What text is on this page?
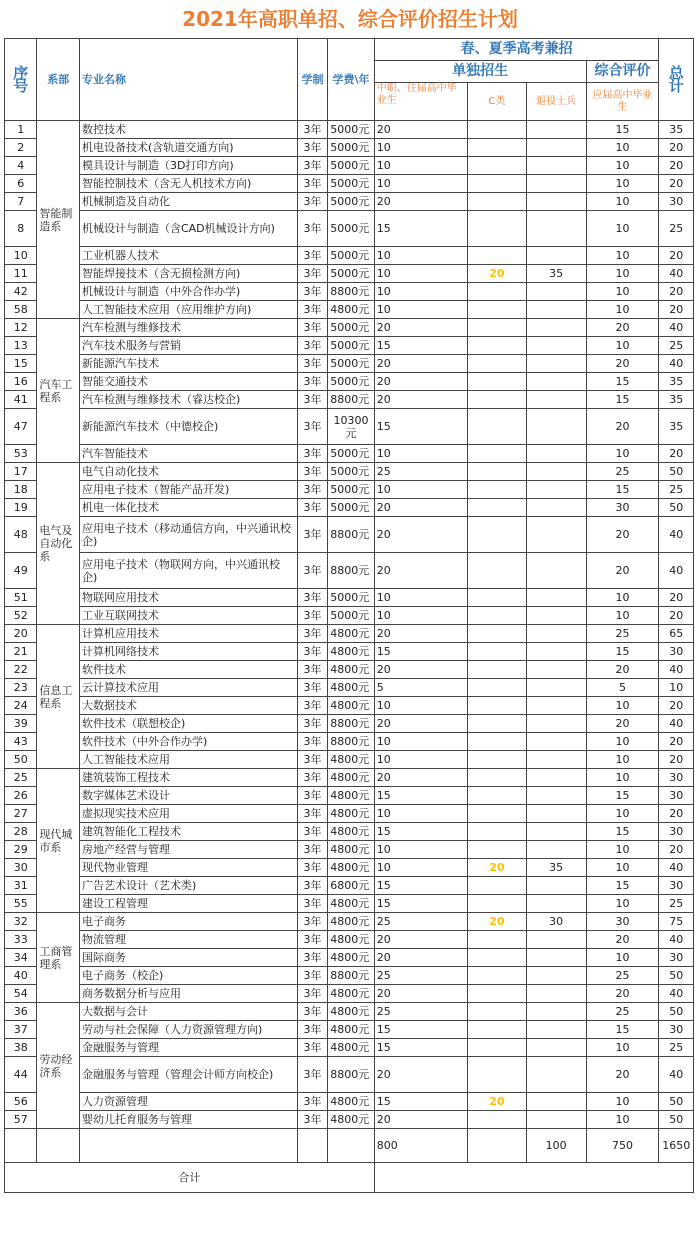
2021年高职单招、综合评价招生计划
序号	系部	专业名称	学制	学费\年	春、夏季高考兼招				总计
					单独招生			综合评价	
					中职、往届高中毕业生	C类	退役士兵	应届高中毕业生	
1	智能制造系	数控技术	3年	5000元	20			15	35
2		机电设备技术(含轨道交通方向)	3年	5000元	10			10	20
4		模具设计与制造（3D打印方向)	3年	5000元	10			10	20
6		智能控制技术（含无人机技术方向)	3年	5000元	10			10	20
7		机械制造及自动化	3年	5000元	20			10	30
8		机械设计与制造（含CAD机械设计方向)	3年	5000元	15			10	25
10		工业机器人技术	3年	5000元	10			10	20
11		智能焊接技术（含无损检测方向)	3年	5000元	10	20	35	10	40
42		机械设计与制造（中外合作办学)	3年	8800元	10			10	20
58		人工智能技术应用（应用维护方向)	3年	4800元	10			10	20
12	汽车工程系	汽车检测与维修技术	3年	5000元	20			20	40
13		汽车技术服务与营销	3年	5000元	15			10	25
15		新能源汽车技术	3年	5000元	20			20	40
16		智能交通技术	3年	5000元	20			15	35
41		汽车检测与维修技术（睿达校企)	3年	8800元	20			15	35
47		新能源汽车技术（中德校企)	3年	10300元	15			20	35
53		汽车智能技术	3年	5000元	10			10	20
17	电气及自动化系	电气自动化技术	3年	5000元	25			25	50
18		应用电子技术（智能产品开发)	3年	5000元	10			15	25
19		机电一体化技术	3年	5000元	20			30	50
48		应用电子技术（移动通信方向，中兴通讯校企)	3年	8800元	20			20	40
49		应用电子技术（物联网方向，中兴通讯校企)	3年	8800元	20			20	40
51		物联网应用技术	3年	5000元	10			10	20
52		工业互联网技术	3年	5000元	10			10	20
20	信息工程系	计算机应用技术	3年	4800元	20			25	65
21		计算机网络技术	3年	4800元	15			15	30
22		软件技术	3年	4800元	20			20	40
23		云计算技术应用	3年	4800元	5			5	10
24		大数据技术	3年	4800元	10			10	20
39		软件技术（联想校企)	3年	8800元	20			20	40
43		软件技术（中外合作办学)	3年	8800元	10			10	20
50		人工智能技术应用	3年	4800元	10			10	20
25	现代城市系	建筑装饰工程技术	3年	4800元	20			10	30
26		数字媒体艺术设计	3年	4800元	15			15	30
27		虚拟现实技术应用	3年	4800元	10			10	20
28		建筑智能化工程技术	3年	4800元	15			15	30
29		房地产经营与管理	3年	4800元	10			10	20
30		现代物业管理	3年	4800元	10	20	35	10	40
31		广告艺术设计（艺术类)	3年	6800元	15			15	30
55		建设工程管理	3年	4800元	15			10	25
32	工商管理系	电子商务	3年	4800元	25	20	30	30	75
33		物流管理	3年	4800元	20			20	40
34		国际商务	3年	4800元	20			10	30
40		电子商务（校企)	3年	8800元	25			25	50
54		商务数据分析与应用	3年	4800元	20			20	40
36	劳动经济系	大数据与会计	3年	4800元	25			25	50
37		劳动与社会保障（人力资源管理方向)	3年	4800元	15			15	30
38		金融服务与管理	3年	4800元	15			10	25
44		金融服务与管理（管理会计师方向校企)	3年	8800元	20			20	40
56		人力资源管理	3年	4800元	15	20		10	50
57		婴幼儿托育服务与管理	3年	4800元	20			10	50
					800		100	750	1650
合计									
